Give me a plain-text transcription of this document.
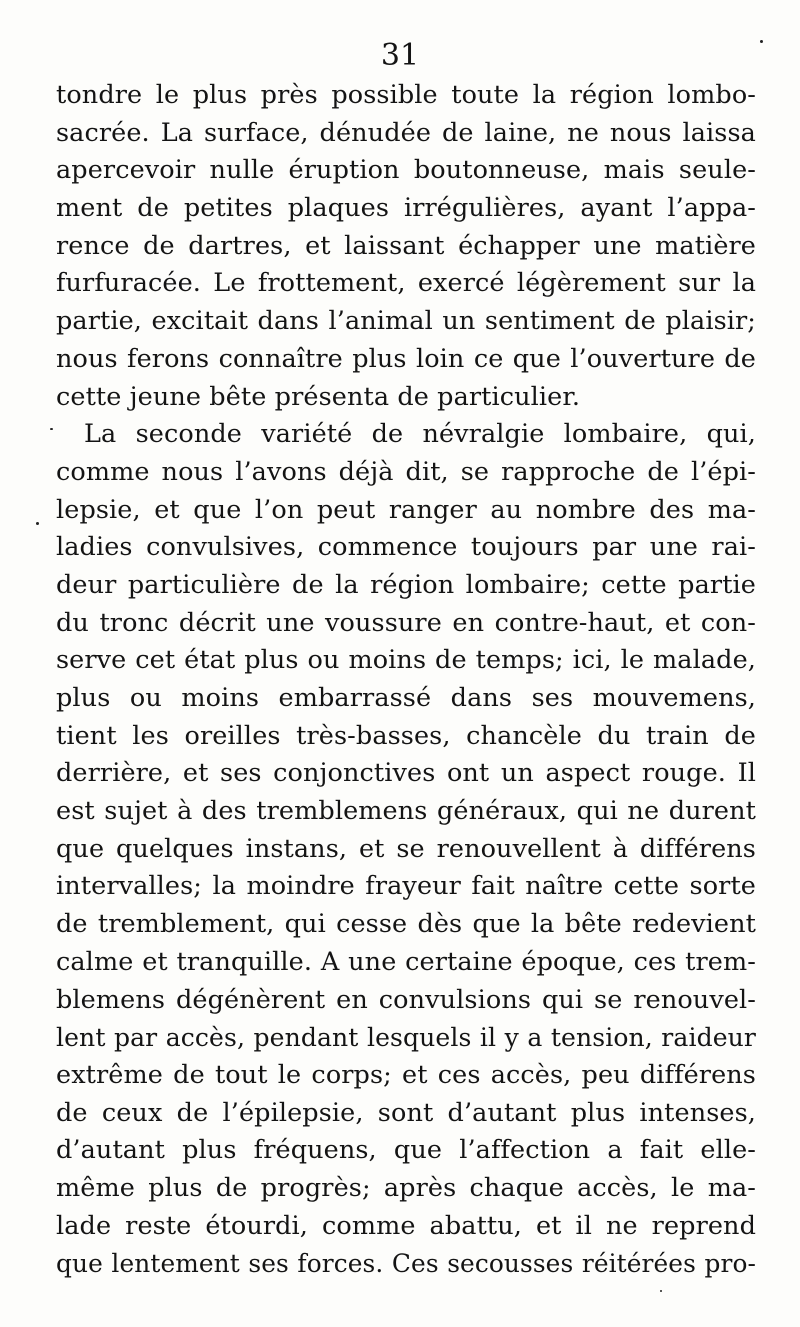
31
tondre le plus près possible toute la région lombo-
sacrée. La surface, dénudée de laine, ne nous laissa
apercevoir nulle éruption boutonneuse, mais seule-
ment de petites plaques irrégulières, ayant l’appa-
rence de dartres, et laissant échapper une matière
furfuracée. Le frottement, exercé légèrement sur la
partie, excitait dans l’animal un sentiment de plaisir;
nous ferons connaître plus loin ce que l’ouverture de
cette jeune bête présenta de particulier.
La seconde variété de névralgie lombaire, qui,
comme nous l’avons déjà dit, se rapproche de l’épi-
lepsie, et que l’on peut ranger au nombre des ma-
ladies convulsives, commence toujours par une rai-
deur particulière de la région lombaire; cette partie
du tronc décrit une voussure en contre-haut, et con-
serve cet état plus ou moins de temps; ici, le malade,
plus ou moins embarrassé dans ses mouvemens,
tient les oreilles très-basses, chancèle du train de
derrière, et ses conjonctives ont un aspect rouge. Il
est sujet à des tremblemens généraux, qui ne durent
que quelques instans, et se renouvellent à différens
intervalles; la moindre frayeur fait naître cette sorte
de tremblement, qui cesse dès que la bête redevient
calme et tranquille. A une certaine époque, ces trem-
blemens dégénèrent en convulsions qui se renouvel-
lent par accès, pendant lesquels il y a tension, raideur
extrême de tout le corps; et ces accès, peu différens
de ceux de l’épilepsie, sont d’autant plus intenses,
d’autant plus fréquens, que l’affection a fait elle-
même plus de progrès; après chaque accès, le ma-
lade reste étourdi, comme abattu, et il ne reprend
que lentement ses forces. Ces secousses réitérées pro-
